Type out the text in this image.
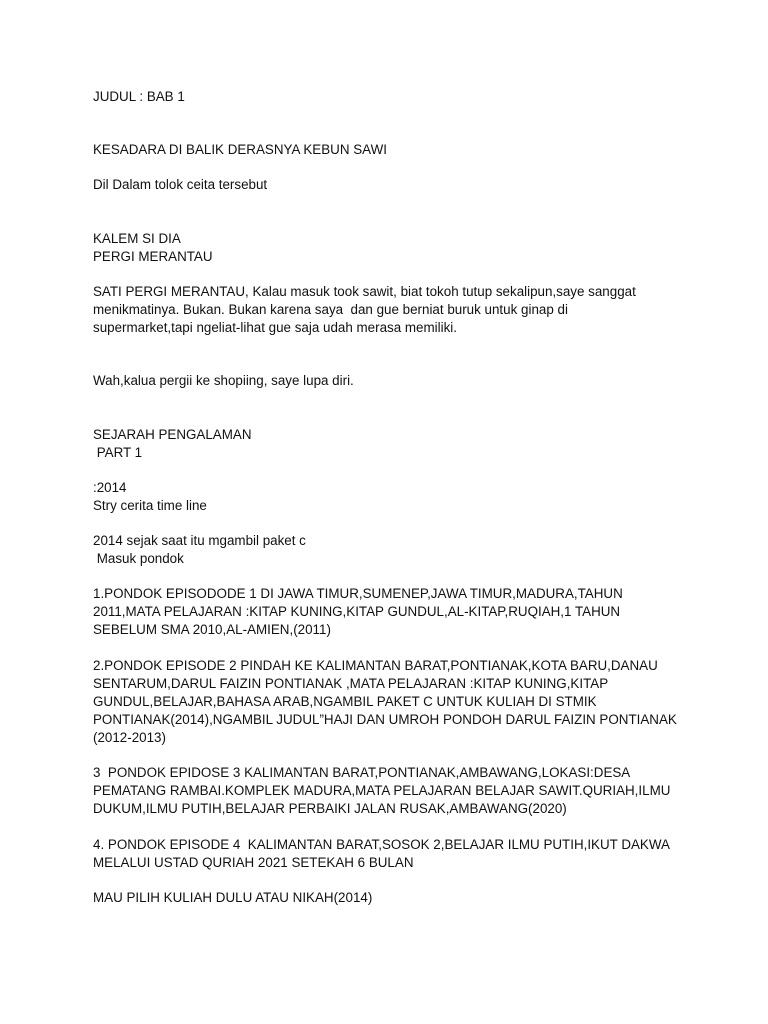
JUDUL : BAB 1

KESADARA DI BALIK DERASNYA KEBUN SAWI

Dil Dalam tolok ceita tersebut

KALEM SI DIA

PERGI MERANTAU

SATI PERGI MERANTAU, Kalau masuk took sawit, biat tokoh tutup sekalipun,saye sanggat

menikmatinya. Bukan. Bukan karena saya  dan gue berniat buruk untuk ginap di

supermarket,tapi ngeliat-lihat gue saja udah merasa memiliki.

Wah,kalua pergii ke shopiing, saye lupa diri.

SEJARAH PENGALAMAN

PART 1

:2014

Stry cerita time line

2014 sejak saat itu mgambil paket c

Masuk pondok

1.PONDOK EPISODODE 1 DI JAWA TIMUR,SUMENEP,JAWA TIMUR,MADURA,TAHUN

2011,MATA PELAJARAN :KITAP KUNING,KITAP GUNDUL,AL-KITAP,RUQIAH,1 TAHUN

SEBELUM SMA 2010,AL-AMIEN,(2011)

2.PONDOK EPISODE 2 PINDAH KE KALIMANTAN BARAT,PONTIANAK,KOTA BARU,DANAU

SENTARUM,DARUL FAIZIN PONTIANAK ,MATA PELAJARAN :KITAP KUNING,KITAP

GUNDUL,BELAJAR,BAHASA ARAB,NGAMBIL PAKET C UNTUK KULIAH DI STMIK

PONTIANAK(2014),NGAMBIL JUDUL”HAJI DAN UMROH PONDOH DARUL FAIZIN PONTIANAK

(2012-2013)

3  PONDOK EPIDOSE 3 KALIMANTAN BARAT,PONTIANAK,AMBAWANG,LOKASI:DESA

PEMATANG RAMBAI.KOMPLEK MADURA,MATA PELAJARAN BELAJAR SAWIT.QURIAH,ILMU

DUKUM,ILMU PUTIH,BELAJAR PERBAIKI JALAN RUSAK,AMBAWANG(2020)

4. PONDOK EPISODE 4  KALIMANTAN BARAT,SOSOK 2,BELAJAR ILMU PUTIH,IKUT DAKWA

MELALUI USTAD QURIAH 2021 SETEKAH 6 BULAN

MAU PILIH KULIAH DULU ATAU NIKAH(2014)
